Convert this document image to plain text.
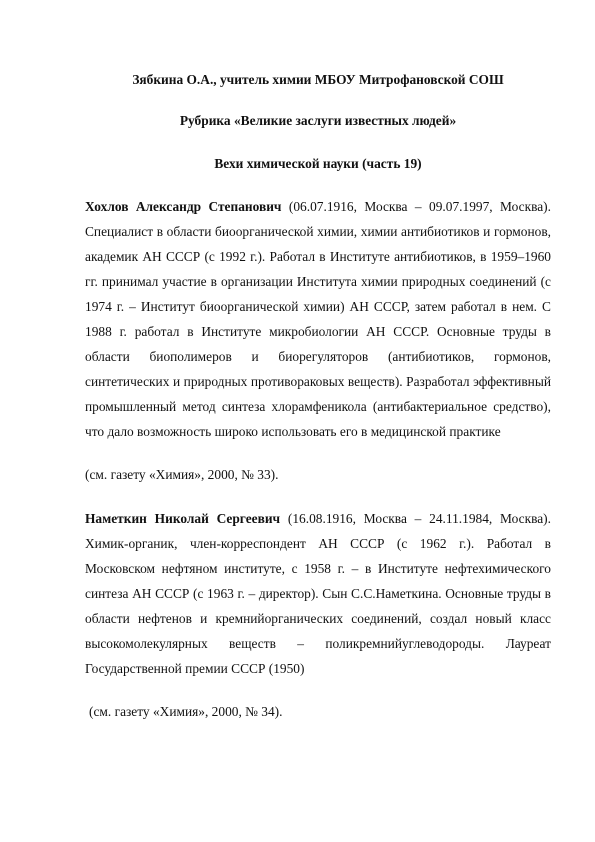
Зябкина О.А., учитель химии МБОУ Митрофановской СОШ

Рубрика «Великие заслуги известных людей»

Вехи химической науки (часть 19)

Хохлов Александр Степанович (06.07.1916, Москва – 09.07.1997, Москва). Специалист в области биоорганической химии, химии антибиотиков и гормонов, академик АН СССР (с 1992 г.). Работал в Институте антибиотиков, в 1959–1960 гг. принимал участие в организации Института химии природных соединений (с 1974 г. – Институт биоорганической химии) АН СССР, затем работал в нем. С 1988 г. работал в Институте микробиологии АН СССР. Основные труды в области биополимеров и биорегуляторов (антибиотиков, гормонов, синтетических и природных противораковых веществ). Разработал эффективный промышленный метод синтеза хлорамфеникола (антибактериальное средство), что дало возможность широко использовать его в медицинской практике

(см. газету «Химия», 2000, № 33).

Наметкин Николай Сергеевич (16.08.1916, Москва – 24.11.1984, Москва). Химик-органик, член-корреспондент АН СССР (с 1962 г.). Работал в Московском нефтяном институте, с 1958 г. – в Институте нефтехимического синтеза АН СССР (с 1963 г. – директор). Сын С.С.Наметкина. Основные труды в области нефтенов и кремнийорганических соединений, создал новый класс высокомолекулярных веществ – поликремнийуглеводороды. Лауреат Государственной премии СССР (1950)

(см. газету «Химия», 2000, № 34).
